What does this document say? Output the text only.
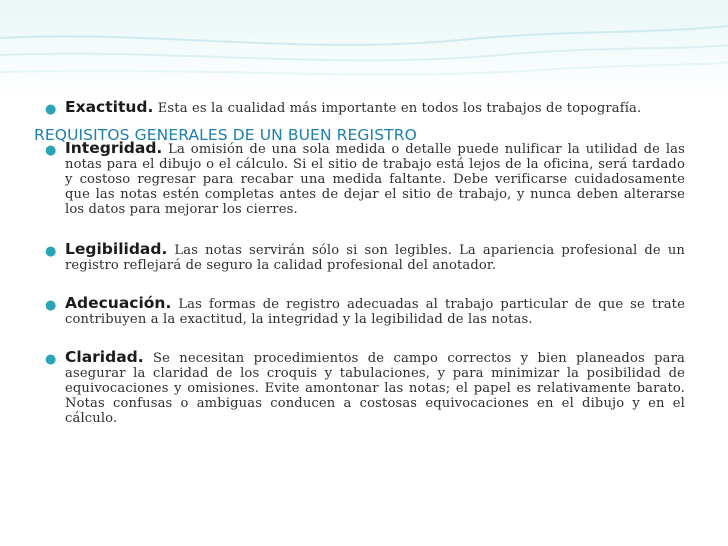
● Exactitud. Esta es la cualidad más importante en todos los trabajos de topografía.
● Integridad. La omisión de una sola medida o detalle puede nulificar la utilidad de las notas para el dibujo o el cálculo. Si el sitio de trabajo está lejos de la oficina, será tardado y costoso regresar para recabar una medida faltante. Debe verificarse cuidadosamente que las notas estén completas antes de dejar el sitio de trabajo, y nunca deben alterarse los datos para mejorar los cierres.
● Legibilidad. Las notas servirán sólo si son legibles. La apariencia profesional de un registro reflejará de seguro la calidad profesional del anotador.
● Adecuación. Las formas de registro adecuadas al trabajo particular de que se trate contribuyen a la exactitud, la integridad y la legibilidad de las notas.
● Claridad. Se necesitan procedimientos de campo correctos y bien planeados para asegurar la claridad de los croquis y tabulaciones, y para minimizar la posibilidad de equivocaciones y omisiones. Evite amontonar las notas; el papel es relativamente barato. Notas confusas o ambiguas conducen a costosas equivocaciones en el dibujo y en el cálculo.
REQUISITOS GENERALES DE UN BUEN REGISTRO
